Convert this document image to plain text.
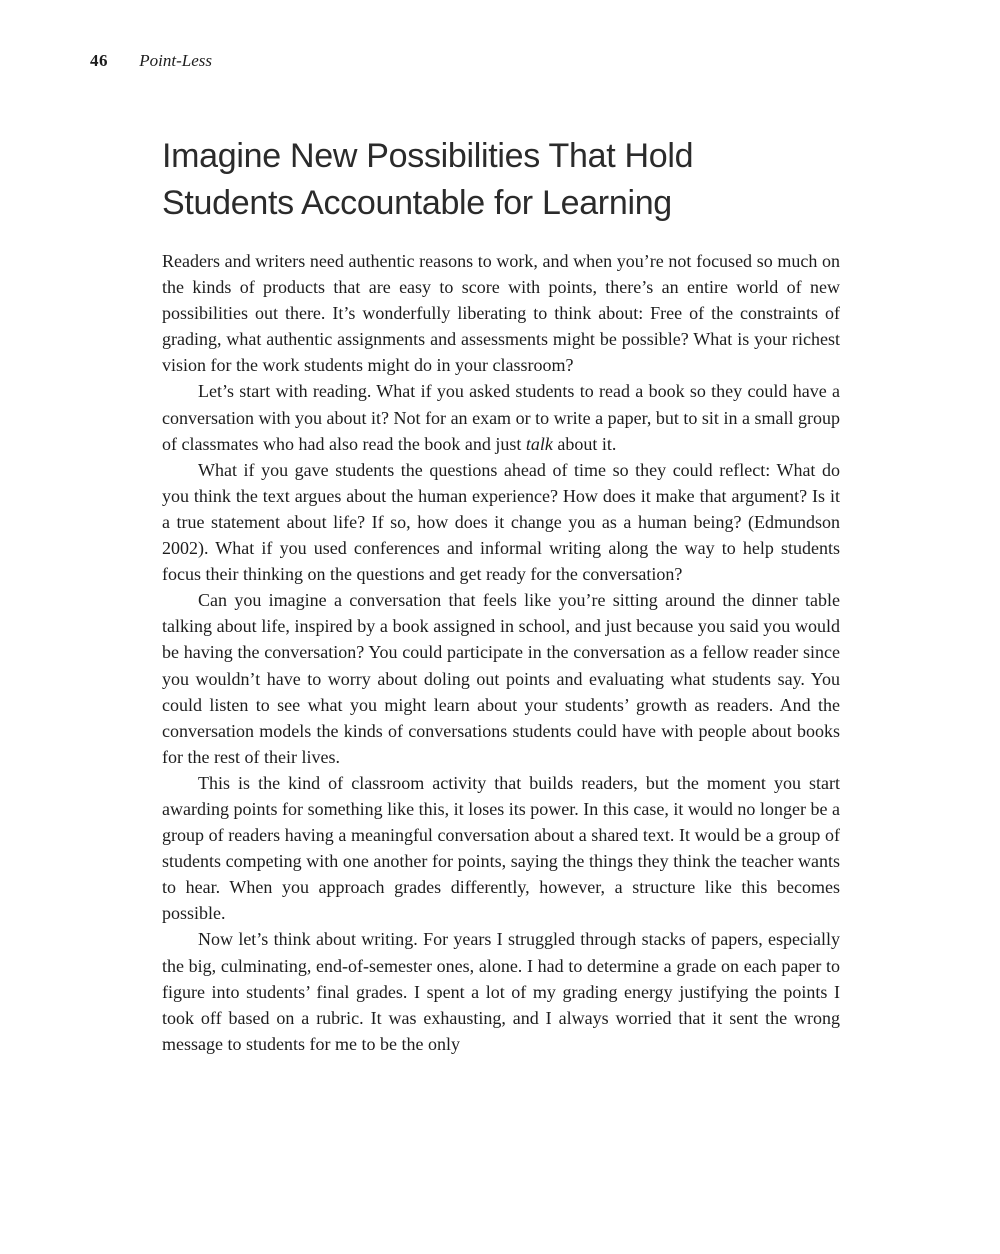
46 Point-Less
Imagine New Possibilities That Hold
Students Accountable for Learning

Readers and writers need authentic reasons to work, and when you’re not focused so much on the kinds of products that are easy to score with points, there’s an entire world of new possibilities out there. It’s wonderfully liberating to think about: Free of the constraints of grading, what authentic assignments and assessments might be possible? What is your richest vision for the work students might do in your classroom?

Let’s start with reading. What if you asked students to read a book so they could have a conversation with you about it? Not for an exam or to write a paper, but to sit in a small group of classmates who had also read the book and just talk about it.

What if you gave students the questions ahead of time so they could reflect: What do you think the text argues about the human experience? How does it make that argument? Is it a true statement about life? If so, how does it change you as a human being? (Edmundson 2002). What if you used conferences and informal writing along the way to help students focus their thinking on the questions and get ready for the conversation?

Can you imagine a conversation that feels like you’re sitting around the dinner table talking about life, inspired by a book assigned in school, and just because you said you would be having the conversation? You could participate in the conversation as a fellow reader since you wouldn’t have to worry about doling out points and evaluating what students say. You could listen to see what you might learn about your students’ growth as readers. And the conversation models the kinds of conversations students could have with people about books for the rest of their lives.

This is the kind of classroom activity that builds readers, but the moment you start awarding points for something like this, it loses its power. In this case, it would no longer be a group of readers having a meaningful conversation about a shared text. It would be a group of students competing with one another for points, saying the things they think the teacher wants to hear. When you approach grades differently, however, a structure like this becomes possible.

Now let’s think about writing. For years I struggled through stacks of papers, especially the big, culminating, end-of-semester ones, alone. I had to determine a grade on each paper to figure into students’ final grades. I spent a lot of my grading energy justifying the points I took off based on a rubric. It was exhausting, and I always worried that it sent the wrong message to students for me to be the only
